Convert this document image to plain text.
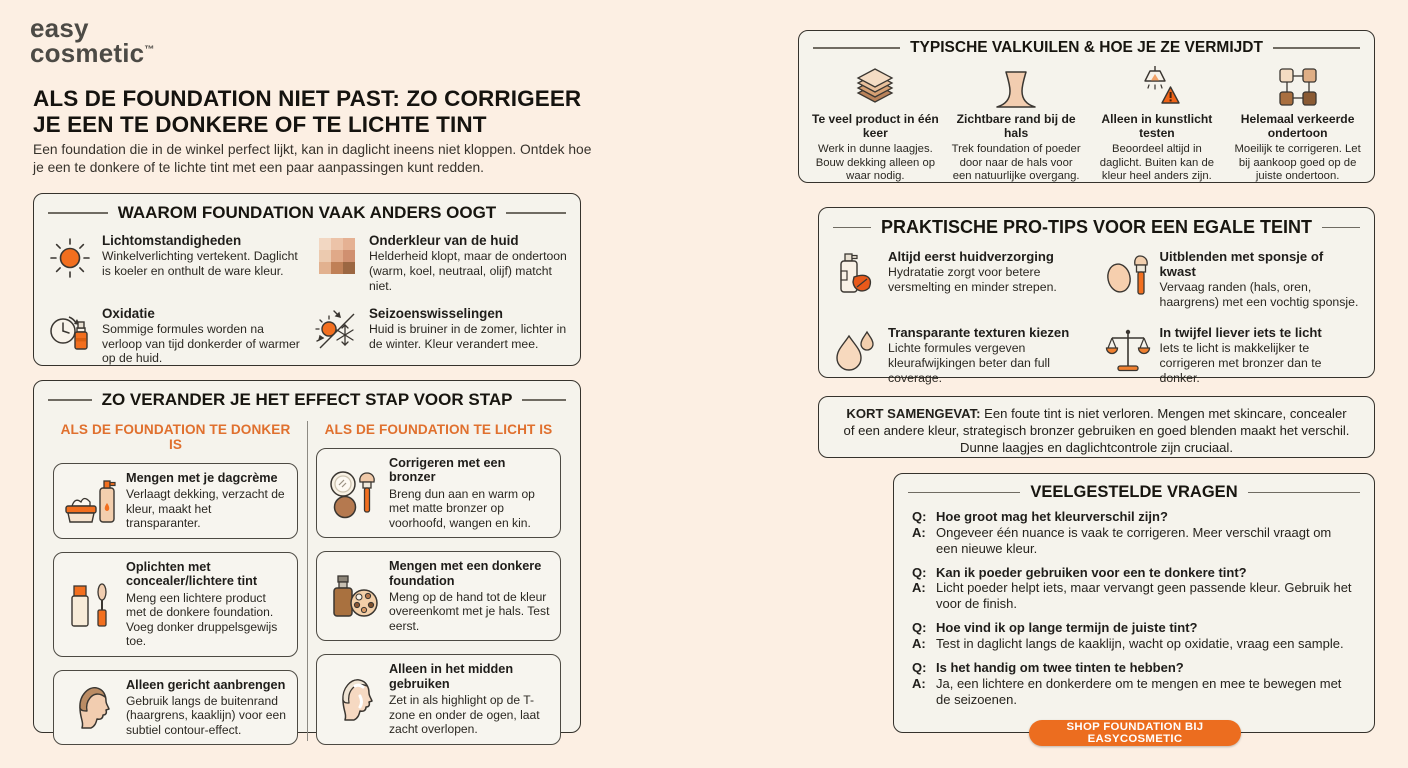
easy
cosmetic™
ALS DE FOUNDATION NIET PAST: ZO CORRIGEER JE EEN TE DONKERE OF TE LICHTE TINT

Een foundation die in de winkel perfect lijkt, kan in daglicht ineens niet kloppen. Ontdek hoe je een te donkere of te lichte tint met een paar aanpassingen kunt redden.

WAAROM FOUNDATION VAAK ANDERS OOGT
Lichtomstandigheden
Winkelverlichting vertekent. Daglicht is koeler en onthult de ware kleur.
Onderkleur van de huid
Helderheid klopt, maar de ondertoon (warm, koel, neutraal, olijf) matcht niet.
Oxidatie
Sommige formules worden na verloop van tijd donkerder of warmer op de huid.
Seizoenswisselingen
Huid is bruiner in de zomer, lichter in de winter. Kleur verandert mee.
ZO VERANDER JE HET EFFECT STAP VOOR STAP
ALS DE FOUNDATION TE DONKER IS
Mengen met je dagcrème
Verlaagt dekking, verzacht de kleur, maakt het transparanter.
Oplichten met concealer/lichtere tint
Meng een lichtere product met de donkere foundation. Voeg donker druppelsgewijs toe.
Alleen gericht aanbrengen
Gebruik langs de buitenrand (haargrens, kaaklijn) voor een subtiel contour-effect.
ALS DE FOUNDATION TE LICHT IS
Corrigeren met een bronzer
Breng dun aan en warm op met matte bronzer op voorhoofd, wangen en kin.
Mengen met een donkere foundation
Meng op de hand tot de kleur overeenkomt met je hals. Test eerst.
Alleen in het midden gebruiken
Zet in als highlight op de T-zone en onder de ogen, laat zacht overlopen.
TYPISCHE VALKUILEN & HOE JE ZE VERMIJDT
Te veel product in één keer
Werk in dunne laagjes. Bouw dekking alleen op waar nodig.
Zichtbare rand bij de hals
Trek foundation of poeder door naar de hals voor een natuurlijke overgang.
Alleen in kunstlicht testen
Beoordeel altijd in daglicht. Buiten kan de kleur heel anders zijn.
Helemaal verkeerde ondertoon
Moeilijk te corrigeren. Let bij aankoop goed op de juiste ondertoon.
PRAKTISCHE PRO-TIPS VOOR EEN EGALE TEINT
Altijd eerst huidverzorging
Hydratatie zorgt voor betere versmelting en minder strepen.
Uitblenden met sponsje of kwast
Vervaag randen (hals, oren, haargrens) met een vochtig sponsje.
Transparante texturen kiezen
Lichte formules vergeven kleurafwijkingen beter dan full coverage.
In twijfel liever iets te licht
Iets te licht is makkelijker te corrigeren met bronzer dan te donker.
KORT SAMENGEVAT: Een foute tint is niet verloren. Mengen met skincare, concealer of een andere kleur, strategisch bronzer gebruiken en goed blenden maakt het verschil. Dunne laagjes en daglichtcontrole zijn cruciaal.
VEELGESTELDE VRAGEN
Q: Hoe groot mag het kleurverschil zijn?
A: Ongeveer één nuance is vaak te corrigeren. Meer verschil vraagt om een nieuwe kleur.
Q: Kan ik poeder gebruiken voor een te donkere tint?
A: Licht poeder helpt iets, maar vervangt geen passende kleur. Gebruik het voor de finish.
Q: Hoe vind ik op lange termijn de juiste tint?
A: Test in daglicht langs de kaaklijn, wacht op oxidatie, vraag een sample.
Q: Is het handig om twee tinten te hebben?
A: Ja, een lichtere en donkerdere om te mengen en mee te bewegen met de seizoenen.
SHOP FOUNDATION BIJ EASYCOSMETIC
